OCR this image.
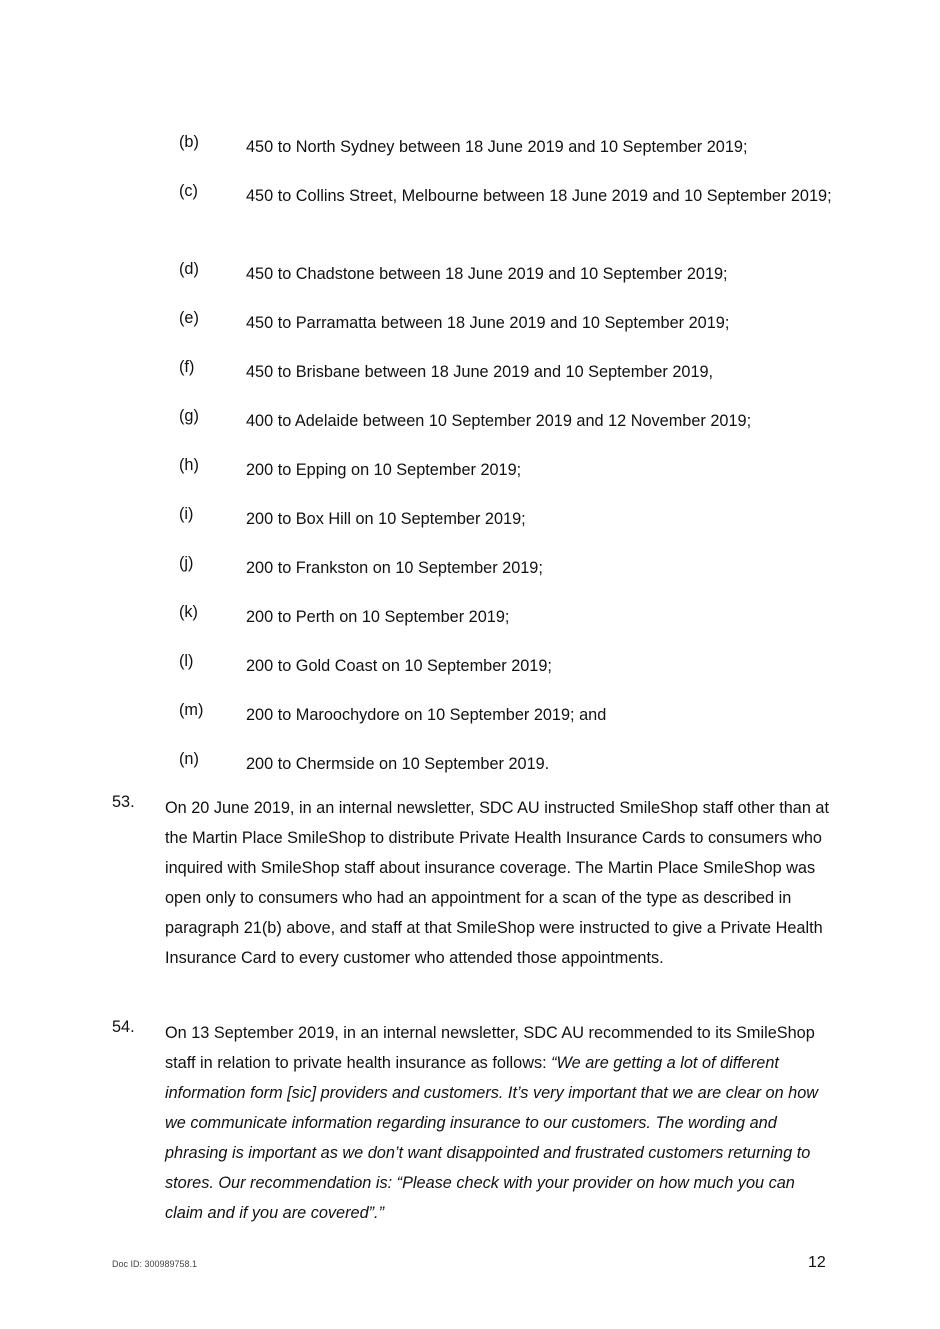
(b)	450 to North Sydney between 18 June 2019 and 10 September 2019;
(c)	450 to Collins Street, Melbourne between 18 June 2019 and 10 September 2019;
(d)	450 to Chadstone between 18 June 2019 and 10 September 2019;
(e)	450 to Parramatta between 18 June 2019 and 10 September 2019;
(f)	450 to Brisbane between 18 June 2019 and 10 September 2019,
(g)	400 to Adelaide between 10 September 2019 and 12 November 2019;
(h)	200 to Epping on 10 September 2019;
(i)	200 to Box Hill on 10 September 2019;
(j)	200 to Frankston on 10 September 2019;
(k)	200 to Perth on 10 September 2019;
(l)	200 to Gold Coast on 10 September 2019;
(m)	200 to Maroochydore on 10 September 2019; and
(n)	200 to Chermside on 10 September 2019.
53. On 20 June 2019, in an internal newsletter, SDC AU instructed SmileShop staff other than at the Martin Place SmileShop to distribute Private Health Insurance Cards to consumers who inquired with SmileShop staff about insurance coverage. The Martin Place SmileShop was open only to consumers who had an appointment for a scan of the type as described in paragraph 21(b) above, and staff at that SmileShop were instructed to give a Private Health Insurance Card to every customer who attended those appointments.
54. On 13 September 2019, in an internal newsletter, SDC AU recommended to its SmileShop staff in relation to private health insurance as follows: “We are getting a lot of different information form [sic] providers and customers. It’s very important that we are clear on how we communicate information regarding insurance to our customers. The wording and phrasing is important as we don’t want disappointed and frustrated customers returning to stores. Our recommendation is: “Please check with your provider on how much you can claim and if you are covered”.”
Doc ID: 300989758.1	12
